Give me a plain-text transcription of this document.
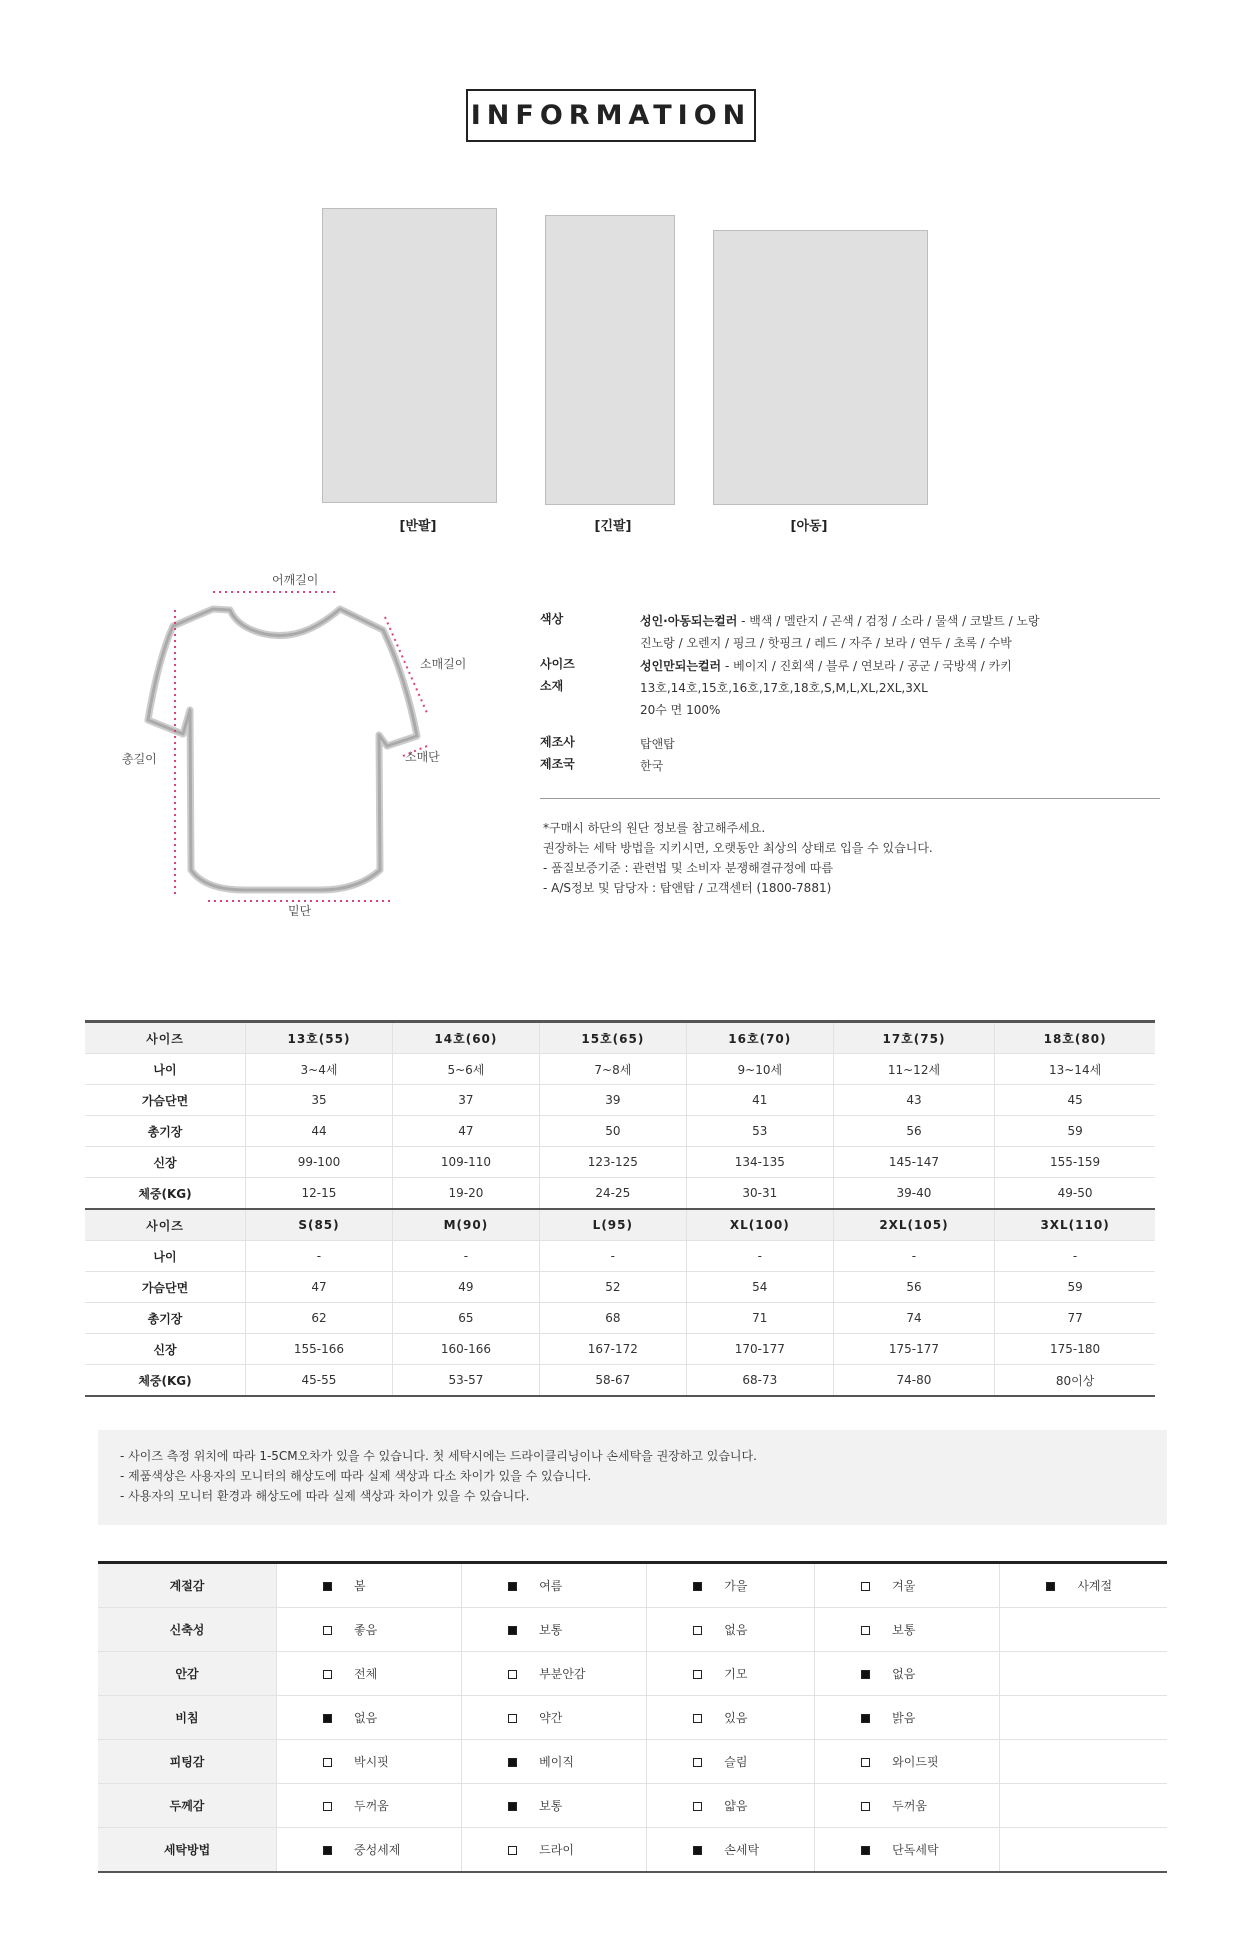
INFORMATION
[반팔]	[긴팔]	[아동]
어깨길이
소매길이
총길이	소매단
밑단
색상	성인·아동되는컬러 - 백색 / 멜란지 / 곤색 / 검정 / 소라 / 물색 / 코발트 / 노랑
진노랑 / 오렌지 / 핑크 / 핫핑크 / 레드 / 자주 / 보라 / 연두 / 초록 / 수박
사이즈	성인만되는컬러 - 베이지 / 진회색 / 블루 / 연보라 / 공군 / 국방색 / 카키
소재	13호,14호,15호,16호,17호,18호,S,M,L,XL,2XL,3XL
20수 면 100%
제조사	탑앤탑
제조국	한국
*구매시 하단의 원단 정보를 참고해주세요.
권장하는 세탁 방법을 지키시면, 오랫동안 최상의 상태로 입을 수 있습니다.
- 품질보증기준 : 관련법 및 소비자 분쟁해결규정에 따름
- A/S정보 및 담당자 : 탑앤탑 / 고객센터 (1800-7881)
사이즈	13호(55)	14호(60)	15호(65)	16호(70)	17호(75)	18호(80)
나이	3~4세	5~6세	7~8세	9~10세	11~12세	13~14세
가슴단면	35	37	39	41	43	45
총기장	44	47	50	53	56	59
신장	99-100	109-110	123-125	134-135	145-147	155-159
체중(KG)	12-15	19-20	24-25	30-31	39-40	49-50
사이즈	S(85)	M(90)	L(95)	XL(100)	2XL(105)	3XL(110)
나이	-	-	-	-	-	-
가슴단면	47	49	52	54	56	59
총기장	62	65	68	71	74	77
신장	155-166	160-166	167-172	170-177	175-177	175-180
체중(KG)	45-55	53-57	58-67	68-73	74-80	80이상
- 사이즈 측정 위치에 따라 1-5CM오차가 있을 수 있습니다. 첫 세탁시에는 드라이클리닝이나 손세탁을 권장하고 있습니다.
- 제품색상은 사용자의 모니터의 해상도에 따라 실제 색상과 다소 차이가 있을 수 있습니다.
- 사용자의 모니터 환경과 해상도에 따라 실제 색상과 차이가 있을 수 있습니다.
계절감	봄	여름	가을	겨울	사계절
신축성	좋음	보통	없음	보통	
안감	전체	부분안감	기모	없음	
비침	없음	약간	있음	밝음	
피팅감	박시핏	베이직	슬림	와이드핏	
두께감	두꺼움	보통	얇음	두꺼움	
세탁방법	중성세제	드라이	손세탁	단독세탁	
